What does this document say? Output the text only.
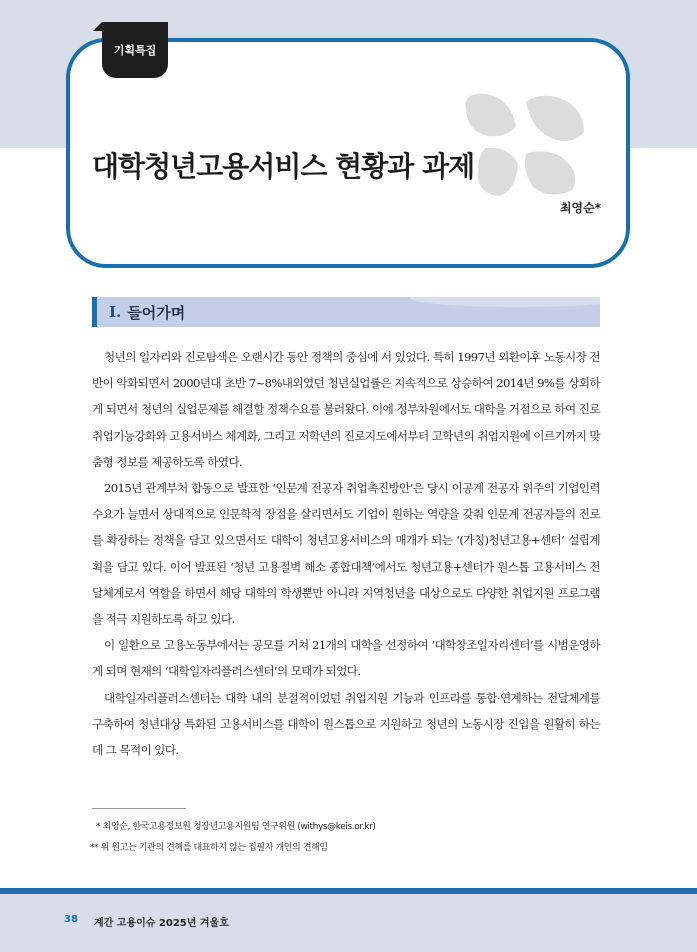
기획특집
대학청년고용서비스 현황과 과제
최영순*
Ⅰ. 들어가며

청년의 일자리와 진로탐색은 오랜시간 동안 정책의 중심에 서 있었다. 특히 1997년 외환이후 노동시장 전반이 악화되면서 2000년대 초반 7~8%내외였던 청년실업률은 지속적으로 상승하여 2014년 9%를 상회하게 되면서 청년의 실업문제를 해결할 정책수요를 불러왔다. 이에 정부차원에서도 대학을 거점으로 하여 진로취업기능강화와 고용서비스 체계화, 그리고 저학년의 진로지도에서부터 고학년의 취업지원에 이르기까지 맞춤형 정보를 제공하도록 하였다.

2015년 관계부처 합동으로 발표한 ‘인문계 전공자 취업촉진방안’은 당시 이공계 전공자 위주의 기업인력수요가 늘면서 상대적으로 인문학적 장점을 살리면서도 기업이 원하는 역량을 갖춰 인문계 전공자들의 진로를 확장하는 정책을 담고 있으면서도 대학이 청년고용서비스의 매개가 되는 ‘(가칭)청년고용+센터’ 설립계획을 담고 있다. 이어 발표된 ‘청년 고용절벽 해소 종합대책’에서도 청년고용+센터가 원스톱 고용서비스 전달체계로서 역할을 하면서 해당 대학의 학생뿐만 아니라 지역청년을 대상으로도 다양한 취업지원 프로그램을 적극 지원하도록 하고 있다.

이 일환으로 고용노동부에서는 공모를 거쳐 21개의 대학을 선정하여 ‘대학창조일자리센터’를 시범운영하게 되며 현재의 ‘대학일자리플러스센터’의 모태가 되었다.

대학일자리플러스센터는 대학 내의 분절적이었던 취업지원 기능과 인프라를 통합·연계하는 전달체계를 구축하여 청년대상 특화된 고용서비스를 대학이 원스톱으로 지원하고 청년의 노동시장 진입을 원활히 하는 데 그 목적이 있다.

* 최영순, 한국고용정보원 청장년고용지원팀 연구위원 (withys@keis.or.kr)
** 위 원고는 기관의 견해를 대표하지 않는 집필자 개인의 견해임
38 계간 고용이슈 2025년 겨울호
